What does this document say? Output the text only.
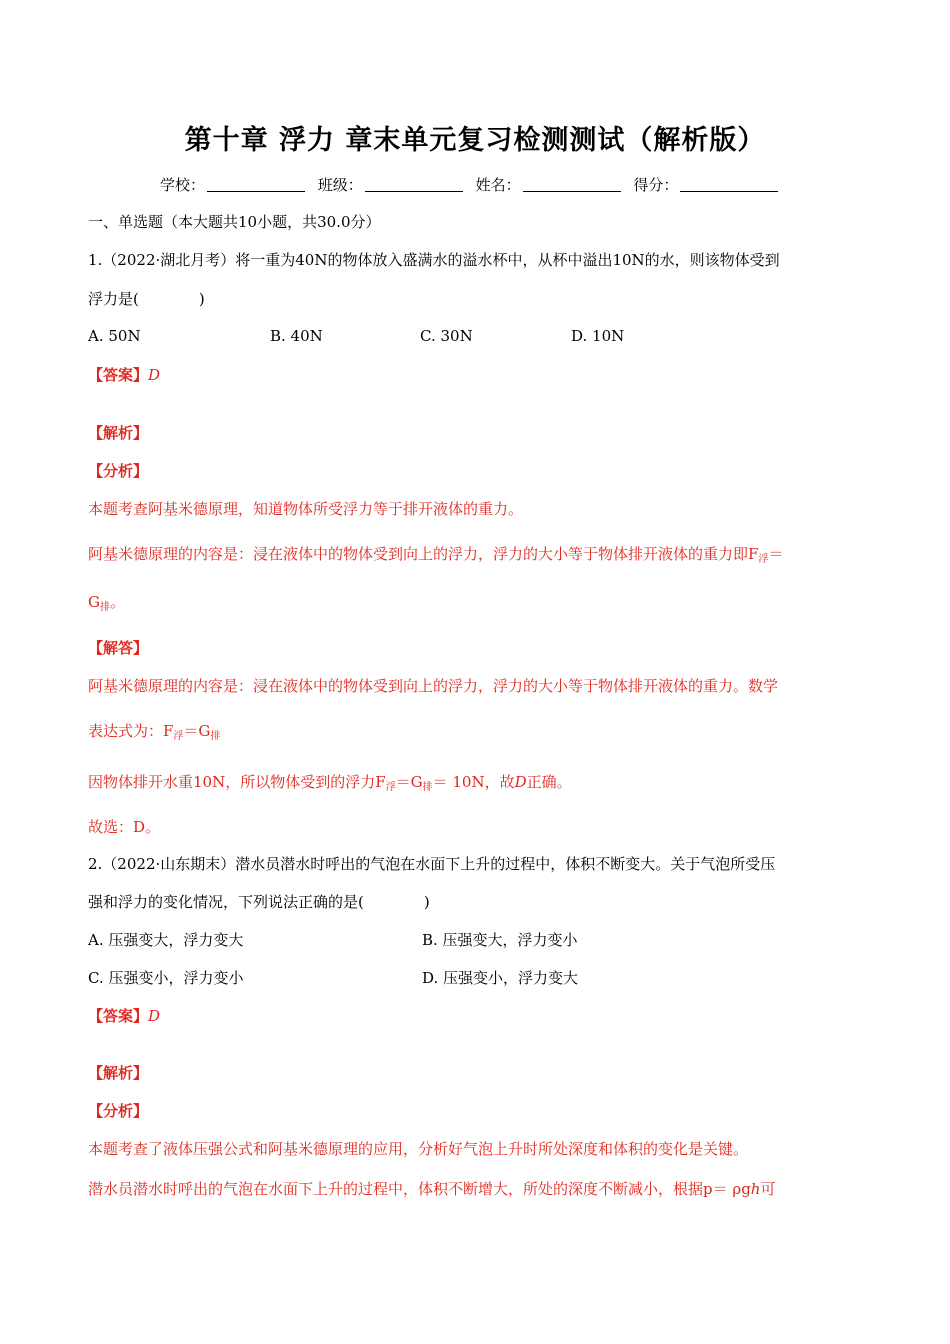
第十章 浮力 章末单元复习检测测试（解析版）
学校：	班级：	姓名：	得分：
一、单选题（本大题共10小题，共30.0分）
1.（2022·湖北月考）将一重为40N的物体放入盛满水的溢水杯中，从杯中溢出10N的水，则该物体受到
浮力是(　　　　)
A. 50N	B. 40N	C. 30N	D. 10N
【答案】D
【解析】
【分析】
本题考查阿基米德原理，知道物体所受浮力等于排开液体的重力。
阿基米德原理的内容是：浸在液体中的物体受到向上的浮力，浮力的大小等于物体排开液体的重力即$F_浮=$
$G_排$。
【解答】
阿基米德原理的内容是：浸在液体中的物体受到向上的浮力，浮力的大小等于物体排开液体的重力。数学
表达式为：$F_浮=G_排$
因物体排开水重10N，所以物体受到的浮力$F_浮=G_排= 10N$，故D正确。
故选：D。
2.（2022·山东期末）潜水员潜水时呼出的气泡在水面下上升的过程中，体积不断变大。关于气泡所受压
强和浮力的变化情况，下列说法正确的是(　　　　)
A. 压强变大，浮力变大	B. 压强变大，浮力变小
C. 压强变小，浮力变小	D. 压强变小，浮力变大
【答案】D
【解析】
【分析】
本题考查了液体压强公式和阿基米德原理的应用，分析好气泡上升时所处深度和体积的变化是关键。
潜水员潜水时呼出的气泡在水面下上升的过程中，体积不断增大，所处的深度不断减小，根据p＝ ρgh可
